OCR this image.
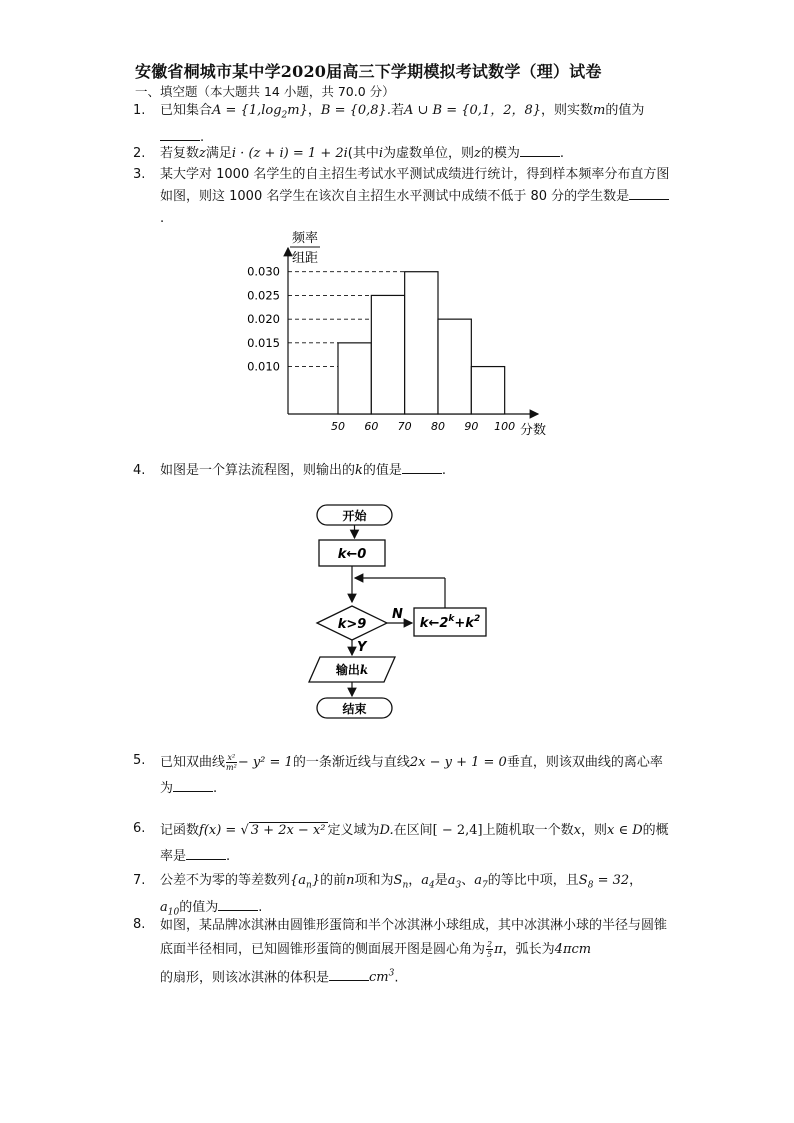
安徽省桐城市某中学2020届高三下学期模拟考试数学（理）试卷
一、填空题（本大题共 14 小题，共 70.0 分）
1. 已知集合$A = \{1,\log_2m\}$，B = {0,8}.若A ∪ B = {0,1，2，8}，则实数m的值为
.
2. 若复数z满足i · (z + i) = 1 + 2i(其中i为虚数单位，则z的模为	.
3. 某大学对 1000 名学生的自主招生考试水平测试成绩进行统计，得到样本频率分布直方图如图，则这 1000 名学生在该次自主招生水平测试中成绩不低于 80 分的学生数是.
频率
组距
0.010
0.015
0.020
0.025
0.030
50 60 70 80 90 100 分数
4. 如图是一个算法流程图，则输出的k的值是	.
开始
k←0
k>9
N
$k\leftarrow 2^k+k^2$
Y
输出k
结束
5. 已知双曲线 $\frac{\text{x²}}{\text{m²}} - y^2 = 1$的一条渐近线与直线2x − y + 1 = 0垂直，则该双曲线的离心率为	.
6. 记函数f(x) = √ 3 + 2x − x² 定义域为D.在区间[ − 2,4]上随机取一个数x，则x ∈ D的概率是	.
7. 公差不为零的等差数列$\{a_n\}$的前n项和为$S_n$，$a_4$是$a_3$、$a_7$的等比中项，且$S_8 = 32$，
$a_{10}$的值为	.
8. 如图，某品牌冰淇淋由圆锥形蛋筒和半个冰淇淋小球组成，其中冰淇淋小球的半径与圆锥底面半径相同，已知圆锥形蛋筒的侧面展开图是圆心角为 $\frac{2}{5}$ π，弧长为4πcm
的扇形，则该冰淇淋的体积是	$cm^3$.
